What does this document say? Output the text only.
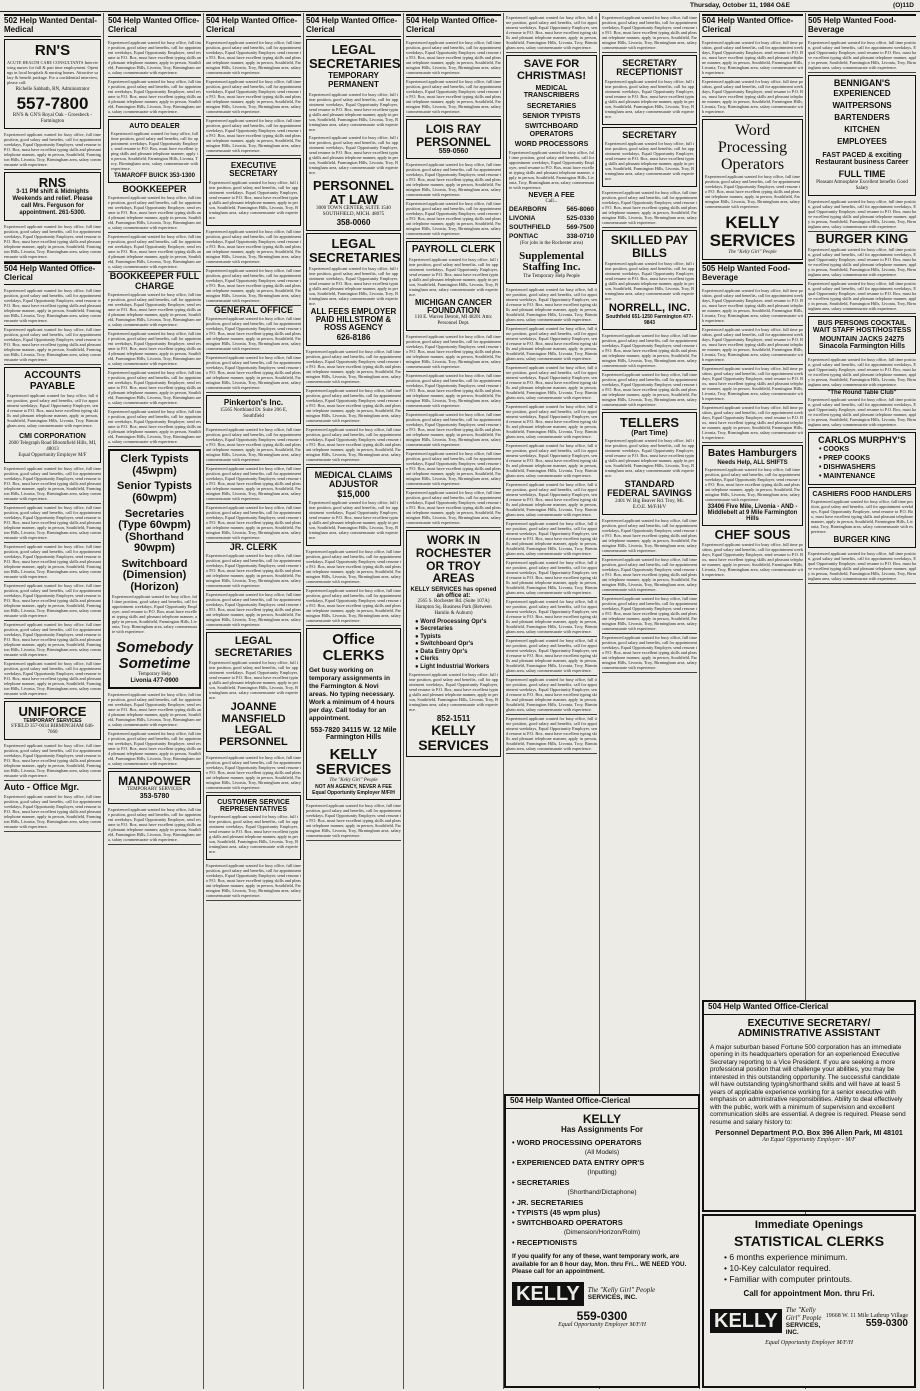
Thursday, October 11, 1984 O&E	(O)11D
502 Help Wanted Dental-Medical
RN'S
ACUTE HEALTH CARE CONSULTANTS Interviewing nurses for full & part time employment. Openings in local hospitals & nursing homes. Attractive salary & benefit package. For a confidential interview, please call:
Richelle Sabbath, RN, Administrator
557-7800
RN'S & GN'S Royal Oak - Groesbeck - Farmington
Experienced applicant wanted for busy office, full time position, good salary and benefits, call for appointment weekdays, Equal Opportunity Employer, send resume to P.O. Box, must have excellent typing skills and pleasant telephone manner, apply in person, Southfield, Farmington Hills, Livonia, Troy, Birmingham area, salary commensurate with experience.
RNS
3-11 PM shift & Midnights Weekends and relief. Please call Mrs. Ferguson for appointment. 261-5300.
Experienced applicant wanted for busy office, full time position, good salary and benefits, call for appointment weekdays, Equal Opportunity Employer, send resume to P.O. Box, must have excellent typing skills and pleasant telephone manner, apply in person, Southfield, Farmington Hills, Livonia, Troy, Birmingham area, salary commensurate with experience.
504 Help Wanted Office-Clerical
Experienced applicant wanted for busy office, full time position, good salary and benefits, call for appointment weekdays, Equal Opportunity Employer, send resume to P.O. Box, must have excellent typing skills and pleasant telephone manner, apply in person, Southfield, Farmington Hills, Livonia, Troy, Birmingham area, salary commensurate with experience.
Experienced applicant wanted for busy office, full time position, good salary and benefits, call for appointment weekdays, Equal Opportunity Employer, send resume to P.O. Box, must have excellent typing skills and pleasant telephone manner, apply in person, Southfield, Farmington Hills, Livonia, Troy, Birmingham area, salary commensurate with experience.
ACCOUNTS PAYABLE
Experienced applicant wanted for busy office, full time position, good salary and benefits, call for appointment weekdays, Equal Opportunity Employer, send resume to P.O. Box, must have excellent typing skills and pleasant telephone manner, apply in person, Southfield, Farmington Hills, Livonia, Troy, Birmingham area, salary commensurate with experience.
CMI CORPORATION
2600 Telegraph Road Bloomfield Hills, MI, 48013
Equal Opportunity Employer M/F
Experienced applicant wanted for busy office, full time position, good salary and benefits, call for appointment weekdays, Equal Opportunity Employer, send resume to P.O. Box, must have excellent typing skills and pleasant telephone manner, apply in person, Southfield, Farmington Hills, Livonia, Troy, Birmingham area, salary commensurate with experience.
Experienced applicant wanted for busy office, full time position, good salary and benefits, call for appointment weekdays, Equal Opportunity Employer, send resume to P.O. Box, must have excellent typing skills and pleasant telephone manner, apply in person, Southfield, Farmington Hills, Livonia, Troy, Birmingham area, salary commensurate with experience.
Experienced applicant wanted for busy office, full time position, good salary and benefits, call for appointment weekdays, Equal Opportunity Employer, send resume to P.O. Box, must have excellent typing skills and pleasant telephone manner, apply in person, Southfield, Farmington Hills, Livonia, Troy, Birmingham area, salary commensurate with experience.
Experienced applicant wanted for busy office, full time position, good salary and benefits, call for appointment weekdays, Equal Opportunity Employer, send resume to P.O. Box, must have excellent typing skills and pleasant telephone manner, apply in person, Southfield, Farmington Hills, Livonia, Troy, Birmingham area, salary commensurate with experience.
Experienced applicant wanted for busy office, full time position, good salary and benefits, call for appointment weekdays, Equal Opportunity Employer, send resume to P.O. Box, must have excellent typing skills and pleasant telephone manner, apply in person, Southfield, Farmington Hills, Livonia, Troy, Birmingham area, salary commensurate with experience.
Experienced applicant wanted for busy office, full time position, good salary and benefits, call for appointment weekdays, Equal Opportunity Employer, send resume to P.O. Box, must have excellent typing skills and pleasant telephone manner, apply in person, Southfield, Farmington Hills, Livonia, Troy, Birmingham area, salary commensurate with experience.
UNIFORCE
TEMPORARY SERVICES
S'FIELD 357-0034 BIRMINGHAM 646-7660
Experienced applicant wanted for busy office, full time position, good salary and benefits, call for appointment weekdays, Equal Opportunity Employer, send resume to P.O. Box, must have excellent typing skills and pleasant telephone manner, apply in person, Southfield, Farmington Hills, Livonia, Troy, Birmingham area, salary commensurate with experience.
Auto - Office Mgr.
Experienced applicant wanted for busy office, full time position, good salary and benefits, call for appointment weekdays, Equal Opportunity Employer, send resume to P.O. Box, must have excellent typing skills and pleasant telephone manner, apply in person, Southfield, Farmington Hills, Livonia, Troy, Birmingham area, salary commensurate with experience.
504 Help Wanted Office-Clerical
Experienced applicant wanted for busy office, full time position, good salary and benefits, call for appointment weekdays, Equal Opportunity Employer, send resume to P.O. Box, must have excellent typing skills and pleasant telephone manner, apply in person, Southfield, Farmington Hills, Livonia, Troy, Birmingham area, salary commensurate with experience.
Experienced applicant wanted for busy office, full time position, good salary and benefits, call for appointment weekdays, Equal Opportunity Employer, send resume to P.O. Box, must have excellent typing skills and pleasant telephone manner, apply in person, Southfield, Farmington Hills, Livonia, Troy, Birmingham area, salary commensurate with experience.
AUTO DEALER
Experienced applicant wanted for busy office, full time position, good salary and benefits, call for appointment weekdays, Equal Opportunity Employer, send resume to P.O. Box, must have excellent typing skills and pleasant telephone manner, apply in person, Southfield, Farmington Hills, Livonia, Troy, Birmingham area, salary commensurate with experience.
TAMAROFF BUICK 353-1300
BOOKKEEPER
Experienced applicant wanted for busy office, full time position, good salary and benefits, call for appointment weekdays, Equal Opportunity Employer, send resume to P.O. Box, must have excellent typing skills and pleasant telephone manner, apply in person, Southfield, Farmington Hills, Livonia, Troy, Birmingham area, salary commensurate with experience.
Experienced applicant wanted for busy office, full time position, good salary and benefits, call for appointment weekdays, Equal Opportunity Employer, send resume to P.O. Box, must have excellent typing skills and pleasant telephone manner, apply in person, Southfield, Farmington Hills, Livonia, Troy, Birmingham area, salary commensurate with experience.
BOOKKEEPER FULL CHARGE
Experienced applicant wanted for busy office, full time position, good salary and benefits, call for appointment weekdays, Equal Opportunity Employer, send resume to P.O. Box, must have excellent typing skills and pleasant telephone manner, apply in person, Southfield, Farmington Hills, Livonia, Troy, Birmingham area, salary commensurate with experience.
Experienced applicant wanted for busy office, full time position, good salary and benefits, call for appointment weekdays, Equal Opportunity Employer, send resume to P.O. Box, must have excellent typing skills and pleasant telephone manner, apply in person, Southfield, Farmington Hills, Livonia, Troy, Birmingham area, salary commensurate with experience.
Experienced applicant wanted for busy office, full time position, good salary and benefits, call for appointment weekdays, Equal Opportunity Employer, send resume to P.O. Box, must have excellent typing skills and pleasant telephone manner, apply in person, Southfield, Farmington Hills, Livonia, Troy, Birmingham area, salary commensurate with experience.
Experienced applicant wanted for busy office, full time position, good salary and benefits, call for appointment weekdays, Equal Opportunity Employer, send resume to P.O. Box, must have excellent typing skills and pleasant telephone manner, apply in person, Southfield, Farmington Hills, Livonia, Troy, Birmingham area, salary commensurate with experience.
Clerk Typists (45wpm)
Senior Typists (60wpm)
Secretaries (Type 60wpm) (Shorthand 90wpm)
Switchboard (Dimension) (Horizon)
Experienced applicant wanted for busy office, full time position, good salary and benefits, call for appointment weekdays, Equal Opportunity Employer, send resume to P.O. Box, must have excellent typing skills and pleasant telephone manner, apply in person, Southfield, Farmington Hills, Livonia, Troy, Birmingham area, salary commensurate with experience.
Somebody Sometime
Temporary Help
Livonia 477-0900
Experienced applicant wanted for busy office, full time position, good salary and benefits, call for appointment weekdays, Equal Opportunity Employer, send resume to P.O. Box, must have excellent typing skills and pleasant telephone manner, apply in person, Southfield, Farmington Hills, Livonia, Troy, Birmingham area, salary commensurate with experience.
Experienced applicant wanted for busy office, full time position, good salary and benefits, call for appointment weekdays, Equal Opportunity Employer, send resume to P.O. Box, must have excellent typing skills and pleasant telephone manner, apply in person, Southfield, Farmington Hills, Livonia, Troy, Birmingham area, salary commensurate with experience.
MANPOWER
TEMPORARY SERVICES
353-5780
Experienced applicant wanted for busy office, full time position, good salary and benefits, call for appointment weekdays, Equal Opportunity Employer, send resume to P.O. Box, must have excellent typing skills and pleasant telephone manner, apply in person, Southfield, Farmington Hills, Livonia, Troy, Birmingham area, salary commensurate with experience.
504 Help Wanted Office-Clerical
Experienced applicant wanted for busy office, full time position, good salary and benefits, call for appointment weekdays, Equal Opportunity Employer, send resume to P.O. Box, must have excellent typing skills and pleasant telephone manner, apply in person, Southfield, Farmington Hills, Livonia, Troy, Birmingham area, salary commensurate with experience.
Experienced applicant wanted for busy office, full time position, good salary and benefits, call for appointment weekdays, Equal Opportunity Employer, send resume to P.O. Box, must have excellent typing skills and pleasant telephone manner, apply in person, Southfield, Farmington Hills, Livonia, Troy, Birmingham area, salary commensurate with experience.
Experienced applicant wanted for busy office, full time position, good salary and benefits, call for appointment weekdays, Equal Opportunity Employer, send resume to P.O. Box, must have excellent typing skills and pleasant telephone manner, apply in person, Southfield, Farmington Hills, Livonia, Troy, Birmingham area, salary commensurate with experience.
EXECUTIVE SECRETARY
Experienced applicant wanted for busy office, full time position, good salary and benefits, call for appointment weekdays, Equal Opportunity Employer, send resume to P.O. Box, must have excellent typing skills and pleasant telephone manner, apply in person, Southfield, Farmington Hills, Livonia, Troy, Birmingham area, salary commensurate with experience.
Experienced applicant wanted for busy office, full time position, good salary and benefits, call for appointment weekdays, Equal Opportunity Employer, send resume to P.O. Box, must have excellent typing skills and pleasant telephone manner, apply in person, Southfield, Farmington Hills, Livonia, Troy, Birmingham area, salary commensurate with experience.
Experienced applicant wanted for busy office, full time position, good salary and benefits, call for appointment weekdays, Equal Opportunity Employer, send resume to P.O. Box, must have excellent typing skills and pleasant telephone manner, apply in person, Southfield, Farmington Hills, Livonia, Troy, Birmingham area, salary commensurate with experience.
GENERAL OFFICE
Experienced applicant wanted for busy office, full time position, good salary and benefits, call for appointment weekdays, Equal Opportunity Employer, send resume to P.O. Box, must have excellent typing skills and pleasant telephone manner, apply in person, Southfield, Farmington Hills, Livonia, Troy, Birmingham area, salary commensurate with experience.
Experienced applicant wanted for busy office, full time position, good salary and benefits, call for appointment weekdays, Equal Opportunity Employer, send resume to P.O. Box, must have excellent typing skills and pleasant telephone manner, apply in person, Southfield, Farmington Hills, Livonia, Troy, Birmingham area, salary commensurate with experience.
Pinkerton's Inc.
15565 Northland Dr. Suite 206 E, Southfield
Experienced applicant wanted for busy office, full time position, good salary and benefits, call for appointment weekdays, Equal Opportunity Employer, send resume to P.O. Box, must have excellent typing skills and pleasant telephone manner, apply in person, Southfield, Farmington Hills, Livonia, Troy, Birmingham area, salary commensurate with experience.
Experienced applicant wanted for busy office, full time position, good salary and benefits, call for appointment weekdays, Equal Opportunity Employer, send resume to P.O. Box, must have excellent typing skills and pleasant telephone manner, apply in person, Southfield, Farmington Hills, Livonia, Troy, Birmingham area, salary commensurate with experience.
Experienced applicant wanted for busy office, full time position, good salary and benefits, call for appointment weekdays, Equal Opportunity Employer, send resume to P.O. Box, must have excellent typing skills and pleasant telephone manner, apply in person, Southfield, Farmington Hills, Livonia, Troy, Birmingham area, salary commensurate with experience.
JR. CLERK
Experienced applicant wanted for busy office, full time position, good salary and benefits, call for appointment weekdays, Equal Opportunity Employer, send resume to P.O. Box, must have excellent typing skills and pleasant telephone manner, apply in person, Southfield, Farmington Hills, Livonia, Troy, Birmingham area, salary commensurate with experience.
Experienced applicant wanted for busy office, full time position, good salary and benefits, call for appointment weekdays, Equal Opportunity Employer, send resume to P.O. Box, must have excellent typing skills and pleasant telephone manner, apply in person, Southfield, Farmington Hills, Livonia, Troy, Birmingham area, salary commensurate with experience.
LEGAL SECRETARIES
Experienced applicant wanted for busy office, full time position, good salary and benefits, call for appointment weekdays, Equal Opportunity Employer, send resume to P.O. Box, must have excellent typing skills and pleasant telephone manner, apply in person, Southfield, Farmington Hills, Livonia, Troy, Birmingham area, salary commensurate with experience.
JOANNE MANSFIELD LEGAL PERSONNEL
Experienced applicant wanted for busy office, full time position, good salary and benefits, call for appointment weekdays, Equal Opportunity Employer, send resume to P.O. Box, must have excellent typing skills and pleasant telephone manner, apply in person, Southfield, Farmington Hills, Livonia, Troy, Birmingham area, salary commensurate with experience.
CUSTOMER SERVICE REPRESENTATIVES
Experienced applicant wanted for busy office, full time position, good salary and benefits, call for appointment weekdays, Equal Opportunity Employer, send resume to P.O. Box, must have excellent typing skills and pleasant telephone manner, apply in person, Southfield, Farmington Hills, Livonia, Troy, Birmingham area, salary commensurate with experience.
Experienced applicant wanted for busy office, full time position, good salary and benefits, call for appointment weekdays, Equal Opportunity Employer, send resume to P.O. Box, must have excellent typing skills and pleasant telephone manner, apply in person, Southfield, Farmington Hills, Livonia, Troy, Birmingham area, salary commensurate with experience.
504 Help Wanted Office-Clerical
LEGAL SECRETARIES
TEMPORARY PERMANENT
Experienced applicant wanted for busy office, full time position, good salary and benefits, call for appointment weekdays, Equal Opportunity Employer, send resume to P.O. Box, must have excellent typing skills and pleasant telephone manner, apply in person, Southfield, Farmington Hills, Livonia, Troy, Birmingham area, salary commensurate with experience.
Experienced applicant wanted for busy office, full time position, good salary and benefits, call for appointment weekdays, Equal Opportunity Employer, send resume to P.O. Box, must have excellent typing skills and pleasant telephone manner, apply in person, Southfield, Farmington Hills, Livonia, Troy, Birmingham area, salary commensurate with experience.
PERSONNEL AT LAW
3000 TOWN CENTER, SUITE 1540 SOUTHFIELD, MICH. 48075
358-0060
LEGAL SECRETARIES
Experienced applicant wanted for busy office, full time position, good salary and benefits, call for appointment weekdays, Equal Opportunity Employer, send resume to P.O. Box, must have excellent typing skills and pleasant telephone manner, apply in person, Southfield, Farmington Hills, Livonia, Troy, Birmingham area, salary commensurate with experience.
ALL FEES EMPLOYER PAID HILLSTROM & ROSS AGENCY
626-8186
Experienced applicant wanted for busy office, full time position, good salary and benefits, call for appointment weekdays, Equal Opportunity Employer, send resume to P.O. Box, must have excellent typing skills and pleasant telephone manner, apply in person, Southfield, Farmington Hills, Livonia, Troy, Birmingham area, salary commensurate with experience.
Experienced applicant wanted for busy office, full time position, good salary and benefits, call for appointment weekdays, Equal Opportunity Employer, send resume to P.O. Box, must have excellent typing skills and pleasant telephone manner, apply in person, Southfield, Farmington Hills, Livonia, Troy, Birmingham area, salary commensurate with experience.
Experienced applicant wanted for busy office, full time position, good salary and benefits, call for appointment weekdays, Equal Opportunity Employer, send resume to P.O. Box, must have excellent typing skills and pleasant telephone manner, apply in person, Southfield, Farmington Hills, Livonia, Troy, Birmingham area, salary commensurate with experience.
MEDICAL CLAIMS ADJUSTOR
$15,000
Experienced applicant wanted for busy office, full time position, good salary and benefits, call for appointment weekdays, Equal Opportunity Employer, send resume to P.O. Box, must have excellent typing skills and pleasant telephone manner, apply in person, Southfield, Farmington Hills, Livonia, Troy, Birmingham area, salary commensurate with experience.
Experienced applicant wanted for busy office, full time position, good salary and benefits, call for appointment weekdays, Equal Opportunity Employer, send resume to P.O. Box, must have excellent typing skills and pleasant telephone manner, apply in person, Southfield, Farmington Hills, Livonia, Troy, Birmingham area, salary commensurate with experience.
Experienced applicant wanted for busy office, full time position, good salary and benefits, call for appointment weekdays, Equal Opportunity Employer, send resume to P.O. Box, must have excellent typing skills and pleasant telephone manner, apply in person, Southfield, Farmington Hills, Livonia, Troy, Birmingham area, salary commensurate with experience.
Office CLERKS
Get busy working on temporary assignments in the Farmington & Novi areas. No typing necessary. Work a minimum of 4 hours per day. Call today for an appointment.
553-7820 34115 W. 12 Mile Farmington Hills
KELLY SERVICES
The "Kelly Girl" People
NOT AN AGENCY, NEVER A FEE Equal Opportunity Employer M/F/H
Experienced applicant wanted for busy office, full time position, good salary and benefits, call for appointment weekdays, Equal Opportunity Employer, send resume to P.O. Box, must have excellent typing skills and pleasant telephone manner, apply in person, Southfield, Farmington Hills, Livonia, Troy, Birmingham area, salary commensurate with experience.
504 Help Wanted Office-Clerical
Experienced applicant wanted for busy office, full time position, good salary and benefits, call for appointment weekdays, Equal Opportunity Employer, send resume to P.O. Box, must have excellent typing skills and pleasant telephone manner, apply in person, Southfield, Farmington Hills, Livonia, Troy, Birmingham area, salary commensurate with experience.
Experienced applicant wanted for busy office, full time position, good salary and benefits, call for appointment weekdays, Equal Opportunity Employer, send resume to P.O. Box, must have excellent typing skills and pleasant telephone manner, apply in person, Southfield, Farmington Hills, Livonia, Troy, Birmingham area, salary commensurate with experience.
LOIS RAY PERSONNEL
559-0560
Experienced applicant wanted for busy office, full time position, good salary and benefits, call for appointment weekdays, Equal Opportunity Employer, send resume to P.O. Box, must have excellent typing skills and pleasant telephone manner, apply in person, Southfield, Farmington Hills, Livonia, Troy, Birmingham area, salary commensurate with experience.
Experienced applicant wanted for busy office, full time position, good salary and benefits, call for appointment weekdays, Equal Opportunity Employer, send resume to P.O. Box, must have excellent typing skills and pleasant telephone manner, apply in person, Southfield, Farmington Hills, Livonia, Troy, Birmingham area, salary commensurate with experience.
PAYROLL CLERK
Experienced applicant wanted for busy office, full time position, good salary and benefits, call for appointment weekdays, Equal Opportunity Employer, send resume to P.O. Box, must have excellent typing skills and pleasant telephone manner, apply in person, Southfield, Farmington Hills, Livonia, Troy, Birmingham area, salary commensurate with experience.
MICHIGAN CANCER FOUNDATION
110 E. Warren Detroit, MI 48201 Attn: Personnel Dept.
Experienced applicant wanted for busy office, full time position, good salary and benefits, call for appointment weekdays, Equal Opportunity Employer, send resume to P.O. Box, must have excellent typing skills and pleasant telephone manner, apply in person, Southfield, Farmington Hills, Livonia, Troy, Birmingham area, salary commensurate with experience.
Experienced applicant wanted for busy office, full time position, good salary and benefits, call for appointment weekdays, Equal Opportunity Employer, send resume to P.O. Box, must have excellent typing skills and pleasant telephone manner, apply in person, Southfield, Farmington Hills, Livonia, Troy, Birmingham area, salary commensurate with experience.
Experienced applicant wanted for busy office, full time position, good salary and benefits, call for appointment weekdays, Equal Opportunity Employer, send resume to P.O. Box, must have excellent typing skills and pleasant telephone manner, apply in person, Southfield, Farmington Hills, Livonia, Troy, Birmingham area, salary commensurate with experience.
Experienced applicant wanted for busy office, full time position, good salary and benefits, call for appointment weekdays, Equal Opportunity Employer, send resume to P.O. Box, must have excellent typing skills and pleasant telephone manner, apply in person, Southfield, Farmington Hills, Livonia, Troy, Birmingham area, salary commensurate with experience.
Experienced applicant wanted for busy office, full time position, good salary and benefits, call for appointment weekdays, Equal Opportunity Employer, send resume to P.O. Box, must have excellent typing skills and pleasant telephone manner, apply in person, Southfield, Farmington Hills, Livonia, Troy, Birmingham area, salary commensurate with experience.
WORK IN ROCHESTER OR TROY AREAS
KELLY SERVICES has opened an office at:
2565 S. Rochester Rd. (Suite 107A) Hampton Sq. Business Park (Between Hamlin & Auburn)
● Word Processing Opr's
● Secretaries
● Typists
● Switchboard Opr's
● Data Entry Opr's
● Clerks
● Light Industrial Workers
Experienced applicant wanted for busy office, full time position, good salary and benefits, call for appointment weekdays, Equal Opportunity Employer, send resume to P.O. Box, must have excellent typing skills and pleasant telephone manner, apply in person, Southfield, Farmington Hills, Livonia, Troy, Birmingham area, salary commensurate with experience.
852-1511
KELLY SERVICES
Experienced applicant wanted for busy office, full time position, good salary and benefits, call for appointment weekdays, Equal Opportunity Employer, send resume to P.O. Box, must have excellent typing skills and pleasant telephone manner, apply in person, Southfield, Farmington Hills, Livonia, Troy, Birmingham area, salary commensurate with experience.
SAVE FOR CHRISTMAS!
MEDICAL TRANSCRIBERS
SECRETARIES
SENIOR TYPISTS
SWITCHBOARD OPERATORS
WORD PROCESSORS
Experienced applicant wanted for busy office, full time position, good salary and benefits, call for appointment weekdays, Equal Opportunity Employer, send resume to P.O. Box, must have excellent typing skills and pleasant telephone manner, apply in person, Southfield, Farmington Hills, Livonia, Troy, Birmingham area, salary commensurate with experience.
NEVER A FEE
Call...
DEARBORN	565-8060
LIVONIA	525-0330
SOUTHFIELD 569-7500
PONTIAC	338-0710
(For jobs in the Rochester area)
Supplemental Staffing Inc.
The Temporary Help People
Experienced applicant wanted for busy office, full time position, good salary and benefits, call for appointment weekdays, Equal Opportunity Employer, send resume to P.O. Box, must have excellent typing skills and pleasant telephone manner, apply in person, Southfield, Farmington Hills, Livonia, Troy, Birmingham area, salary commensurate with experience.
Experienced applicant wanted for busy office, full time position, good salary and benefits, call for appointment weekdays, Equal Opportunity Employer, send resume to P.O. Box, must have excellent typing skills and pleasant telephone manner, apply in person, Southfield, Farmington Hills, Livonia, Troy, Birmingham area, salary commensurate with experience.
Experienced applicant wanted for busy office, full time position, good salary and benefits, call for appointment weekdays, Equal Opportunity Employer, send resume to P.O. Box, must have excellent typing skills and pleasant telephone manner, apply in person, Southfield, Farmington Hills, Livonia, Troy, Birmingham area, salary commensurate with experience.
Experienced applicant wanted for busy office, full time position, good salary and benefits, call for appointment weekdays, Equal Opportunity Employer, send resume to P.O. Box, must have excellent typing skills and pleasant telephone manner, apply in person, Southfield, Farmington Hills, Livonia, Troy, Birmingham area, salary commensurate with experience.
Experienced applicant wanted for busy office, full time position, good salary and benefits, call for appointment weekdays, Equal Opportunity Employer, send resume to P.O. Box, must have excellent typing skills and pleasant telephone manner, apply in person, Southfield, Farmington Hills, Livonia, Troy, Birmingham area, salary commensurate with experience.
Experienced applicant wanted for busy office, full time position, good salary and benefits, call for appointment weekdays, Equal Opportunity Employer, send resume to P.O. Box, must have excellent typing skills and pleasant telephone manner, apply in person, Southfield, Farmington Hills, Livonia, Troy, Birmingham area, salary commensurate with experience.
Experienced applicant wanted for busy office, full time position, good salary and benefits, call for appointment weekdays, Equal Opportunity Employer, send resume to P.O. Box, must have excellent typing skills and pleasant telephone manner, apply in person, Southfield, Farmington Hills, Livonia, Troy, Birmingham area, salary commensurate with experience.
Experienced applicant wanted for busy office, full time position, good salary and benefits, call for appointment weekdays, Equal Opportunity Employer, send resume to P.O. Box, must have excellent typing skills and pleasant telephone manner, apply in person, Southfield, Farmington Hills, Livonia, Troy, Birmingham area, salary commensurate with experience.
Experienced applicant wanted for busy office, full time position, good salary and benefits, call for appointment weekdays, Equal Opportunity Employer, send resume to P.O. Box, must have excellent typing skills and pleasant telephone manner, apply in person, Southfield, Farmington Hills, Livonia, Troy, Birmingham area, salary commensurate with experience.
Experienced applicant wanted for busy office, full time position, good salary and benefits, call for appointment weekdays, Equal Opportunity Employer, send resume to P.O. Box, must have excellent typing skills and pleasant telephone manner, apply in person, Southfield, Farmington Hills, Livonia, Troy, Birmingham area, salary commensurate with experience.
Experienced applicant wanted for busy office, full time position, good salary and benefits, call for appointment weekdays, Equal Opportunity Employer, send resume to P.O. Box, must have excellent typing skills and pleasant telephone manner, apply in person, Southfield, Farmington Hills, Livonia, Troy, Birmingham area, salary commensurate with experience.
Experienced applicant wanted for busy office, full time position, good salary and benefits, call for appointment weekdays, Equal Opportunity Employer, send resume to P.O. Box, must have excellent typing skills and pleasant telephone manner, apply in person, Southfield, Farmington Hills, Livonia, Troy, Birmingham area, salary commensurate with experience.
Experienced applicant wanted for busy office, full time position, good salary and benefits, call for appointment weekdays, Equal Opportunity Employer, send resume to P.O. Box, must have excellent typing skills and pleasant telephone manner, apply in person, Southfield, Farmington Hills, Livonia, Troy, Birmingham area, salary commensurate with experience.
SECRETARY RECEPTIONIST
Experienced applicant wanted for busy office, full time position, good salary and benefits, call for appointment weekdays, Equal Opportunity Employer, send resume to P.O. Box, must have excellent typing skills and pleasant telephone manner, apply in person, Southfield, Farmington Hills, Livonia, Troy, Birmingham area, salary commensurate with experience.
SECRETARY
Experienced applicant wanted for busy office, full time position, good salary and benefits, call for appointment weekdays, Equal Opportunity Employer, send resume to P.O. Box, must have excellent typing skills and pleasant telephone manner, apply in person, Southfield, Farmington Hills, Livonia, Troy, Birmingham area, salary commensurate with experience.
Experienced applicant wanted for busy office, full time position, good salary and benefits, call for appointment weekdays, Equal Opportunity Employer, send resume to P.O. Box, must have excellent typing skills and pleasant telephone manner, apply in person, Southfield, Farmington Hills, Livonia, Troy, Birmingham area, salary commensurate with experience.
SKILLED PAY BILLS
Experienced applicant wanted for busy office, full time position, good salary and benefits, call for appointment weekdays, Equal Opportunity Employer, send resume to P.O. Box, must have excellent typing skills and pleasant telephone manner, apply in person, Southfield, Farmington Hills, Livonia, Troy, Birmingham area, salary commensurate with experience.
NORRELL, INC.
Southfield 651-1250 Farmington 477-9843
Experienced applicant wanted for busy office, full time position, good salary and benefits, call for appointment weekdays, Equal Opportunity Employer, send resume to P.O. Box, must have excellent typing skills and pleasant telephone manner, apply in person, Southfield, Farmington Hills, Livonia, Troy, Birmingham area, salary commensurate with experience.
Experienced applicant wanted for busy office, full time position, good salary and benefits, call for appointment weekdays, Equal Opportunity Employer, send resume to P.O. Box, must have excellent typing skills and pleasant telephone manner, apply in person, Southfield, Farmington Hills, Livonia, Troy, Birmingham area, salary commensurate with experience.
TELLERS
(Part Time)
Experienced applicant wanted for busy office, full time position, good salary and benefits, call for appointment weekdays, Equal Opportunity Employer, send resume to P.O. Box, must have excellent typing skills and pleasant telephone manner, apply in person, Southfield, Farmington Hills, Livonia, Troy, Birmingham area, salary commensurate with experience.
STANDARD FEDERAL SAVINGS
2401 W. Big Beaver Rd. Troy, Mi.
E.O.E. M/F/H/V
Experienced applicant wanted for busy office, full time position, good salary and benefits, call for appointment weekdays, Equal Opportunity Employer, send resume to P.O. Box, must have excellent typing skills and pleasant telephone manner, apply in person, Southfield, Farmington Hills, Livonia, Troy, Birmingham area, salary commensurate with experience.
Experienced applicant wanted for busy office, full time position, good salary and benefits, call for appointment weekdays, Equal Opportunity Employer, send resume to P.O. Box, must have excellent typing skills and pleasant telephone manner, apply in person, Southfield, Farmington Hills, Livonia, Troy, Birmingham area, salary commensurate with experience.
Experienced applicant wanted for busy office, full time position, good salary and benefits, call for appointment weekdays, Equal Opportunity Employer, send resume to P.O. Box, must have excellent typing skills and pleasant telephone manner, apply in person, Southfield, Farmington Hills, Livonia, Troy, Birmingham area, salary commensurate with experience.
Experienced applicant wanted for busy office, full time position, good salary and benefits, call for appointment weekdays, Equal Opportunity Employer, send resume to P.O. Box, must have excellent typing skills and pleasant telephone manner, apply in person, Southfield, Farmington Hills, Livonia, Troy, Birmingham area, salary commensurate with experience.
504 Help Wanted Office-Clerical
Experienced applicant wanted for busy office, full time position, good salary and benefits, call for appointment weekdays, Equal Opportunity Employer, send resume to P.O. Box, must have excellent typing skills and pleasant telephone manner, apply in person, Southfield, Farmington Hills, Livonia, Troy, Birmingham area, salary commensurate with experience.
Experienced applicant wanted for busy office, full time position, good salary and benefits, call for appointment weekdays, Equal Opportunity Employer, send resume to P.O. Box, must have excellent typing skills and pleasant telephone manner, apply in person, Southfield, Farmington Hills, Livonia, Troy, Birmingham area, salary commensurate with experience.
Word Processing Operators
Experienced applicant wanted for busy office, full time position, good salary and benefits, call for appointment weekdays, Equal Opportunity Employer, send resume to P.O. Box, must have excellent typing skills and pleasant telephone manner, apply in person, Southfield, Farmington Hills, Livonia, Troy, Birmingham area, salary commensurate with experience.
KELLY SERVICES
The "Kelly Girl" People
505 Help Wanted Food-Beverage
Experienced applicant wanted for busy office, full time position, good salary and benefits, call for appointment weekdays, Equal Opportunity Employer, send resume to P.O. Box, must have excellent typing skills and pleasant telephone manner, apply in person, Southfield, Farmington Hills, Livonia, Troy, Birmingham area, salary commensurate with experience.
Experienced applicant wanted for busy office, full time position, good salary and benefits, call for appointment weekdays, Equal Opportunity Employer, send resume to P.O. Box, must have excellent typing skills and pleasant telephone manner, apply in person, Southfield, Farmington Hills, Livonia, Troy, Birmingham area, salary commensurate with experience.
Experienced applicant wanted for busy office, full time position, good salary and benefits, call for appointment weekdays, Equal Opportunity Employer, send resume to P.O. Box, must have excellent typing skills and pleasant telephone manner, apply in person, Southfield, Farmington Hills, Livonia, Troy, Birmingham area, salary commensurate with experience.
Experienced applicant wanted for busy office, full time position, good salary and benefits, call for appointment weekdays, Equal Opportunity Employer, send resume to P.O. Box, must have excellent typing skills and pleasant telephone manner, apply in person, Southfield, Farmington Hills, Livonia, Troy, Birmingham area, salary commensurate with experience.
Bates Hamburgers
Needs Help, ALL SHIFTS
Experienced applicant wanted for busy office, full time position, good salary and benefits, call for appointment weekdays, Equal Opportunity Employer, send resume to P.O. Box, must have excellent typing skills and pleasant telephone manner, apply in person, Southfield, Farmington Hills, Livonia, Troy, Birmingham area, salary commensurate with experience.
33406 Five Mile, Livonia - AND - Middlebelt at 9 Mile Farmington Hills
CHEF SOUS
Experienced applicant wanted for busy office, full time position, good salary and benefits, call for appointment weekdays, Equal Opportunity Employer, send resume to P.O. Box, must have excellent typing skills and pleasant telephone manner, apply in person, Southfield, Farmington Hills, Livonia, Troy, Birmingham area, salary commensurate with experience.
505 Help Wanted Food-Beverage
Experienced applicant wanted for busy office, full time position, good salary and benefits, call for appointment weekdays, Equal Opportunity Employer, send resume to P.O. Box, must have excellent typing skills and pleasant telephone manner, apply in person, Southfield, Farmington Hills, Livonia, Troy, Birmingham area, salary commensurate with experience.
BENNIGAN'S
EXPERIENCED
WAITPERSONS
BARTENDERS
KITCHEN
EMPLOYEES
FAST PACED & exciting Restaurant business Career
FULL TIME
Pleasant Atmosphere Excellent benefits Good Salary
Experienced applicant wanted for busy office, full time position, good salary and benefits, call for appointment weekdays, Equal Opportunity Employer, send resume to P.O. Box, must have excellent typing skills and pleasant telephone manner, apply in person, Southfield, Farmington Hills, Livonia, Troy, Birmingham area, salary commensurate with experience.
BURGER KING
Experienced applicant wanted for busy office, full time position, good salary and benefits, call for appointment weekdays, Equal Opportunity Employer, send resume to P.O. Box, must have excellent typing skills and pleasant telephone manner, apply in person, Southfield, Farmington Hills, Livonia, Troy, Birmingham area, salary commensurate with experience.
Experienced applicant wanted for busy office, full time position, good salary and benefits, call for appointment weekdays, Equal Opportunity Employer, send resume to P.O. Box, must have excellent typing skills and pleasant telephone manner, apply in person, Southfield, Farmington Hills, Livonia, Troy, Birmingham area, salary commensurate with experience.
BUS PERSONS COCKTAIL WAIT STAFF HOST/HOSTESS
MOUNTAIN JACKS 24275 Sinacola Farmington Hills
Experienced applicant wanted for busy office, full time position, good salary and benefits, call for appointment weekdays, Equal Opportunity Employer, send resume to P.O. Box, must have excellent typing skills and pleasant telephone manner, apply in person, Southfield, Farmington Hills, Livonia, Troy, Birmingham area, salary commensurate with experience.
"The Round Table Club"
Experienced applicant wanted for busy office, full time position, good salary and benefits, call for appointment weekdays, Equal Opportunity Employer, send resume to P.O. Box, must have excellent typing skills and pleasant telephone manner, apply in person, Southfield, Farmington Hills, Livonia, Troy, Birmingham area, salary commensurate with experience.
CARLOS MURPHY'S
• COOKS
• PREP COOKS
• DISHWASHERS
• MAINTENANCE
CASHIERS FOOD HANDLERS
Experienced applicant wanted for busy office, full time position, good salary and benefits, call for appointment weekdays, Equal Opportunity Employer, send resume to P.O. Box, must have excellent typing skills and pleasant telephone manner, apply in person, Southfield, Farmington Hills, Livonia, Troy, Birmingham area, salary commensurate with experience.
BURGER KING
Experienced applicant wanted for busy office, full time position, good salary and benefits, call for appointment weekdays, Equal Opportunity Employer, send resume to P.O. Box, must have excellent typing skills and pleasant telephone manner, apply in person, Southfield, Farmington Hills, Livonia, Troy, Birmingham area, salary commensurate with experience.
504 Help Wanted Office-Clerical
EXECUTIVE SECRETARY/ ADMINISTRATIVE ASSISTANT
A major suburban based Fortune 500 corporation has an immediate opening in its headquarters operation for an experienced Executive Secretary reporting to a Vice President. If you are seeking a more professional position that will challenge your abilities, you may be interested in this outstanding opportunity. The successful candidate will have outstanding typing/shorthand skills and will have at least 5 years of applicable experience working for a senior executive with emphasis on administrative responsibilities. Ability to deal effectively with the public, work with a minimum of supervision and excellent communication skills are essential. A degree is required. Please send resume and salary history to:
Personnel Department P.O. Box 396 Allen Park, MI 48101
An Equal Opportunity Employer - M/F
504 Help Wanted Office-Clerical
KELLY
Has Assignments For
• WORD PROCESSING OPERATORS
(All Models)
• EXPERIENCED DATA ENTRY OPR'S
(Inputting)
• SECRETARIES
(Shorthand/Dictaphone)
• JR. SECRETARIES
• TYPISTS (45 wpm plus)
• SWITCHBOARD OPERATORS
(Dimension/Horizon/Rolm)
• RECEPTIONISTS
If you qualify for any of these, want temporary work, are available for an 8 hour day, Mon. thru Fri... WE NEED YOU. Please call for an appointment.
KELLY	The "Kelly Girl" People
SERVICES, INC.
559-0300
Equal Opportunity Employer M/F/H
Immediate Openings
STATISTICAL CLERKS
• 6 months experience minimum.
• 10-Key calculator required.
• Familiar with computer printouts.
Call for appointment Mon. thru Fri.
KELLY	The "Kelly Girl" People
SERVICES, INC.
19668 W. 11 Mile Lathrup Village
559-0300
Equal Opportunity Employer M/F/H
